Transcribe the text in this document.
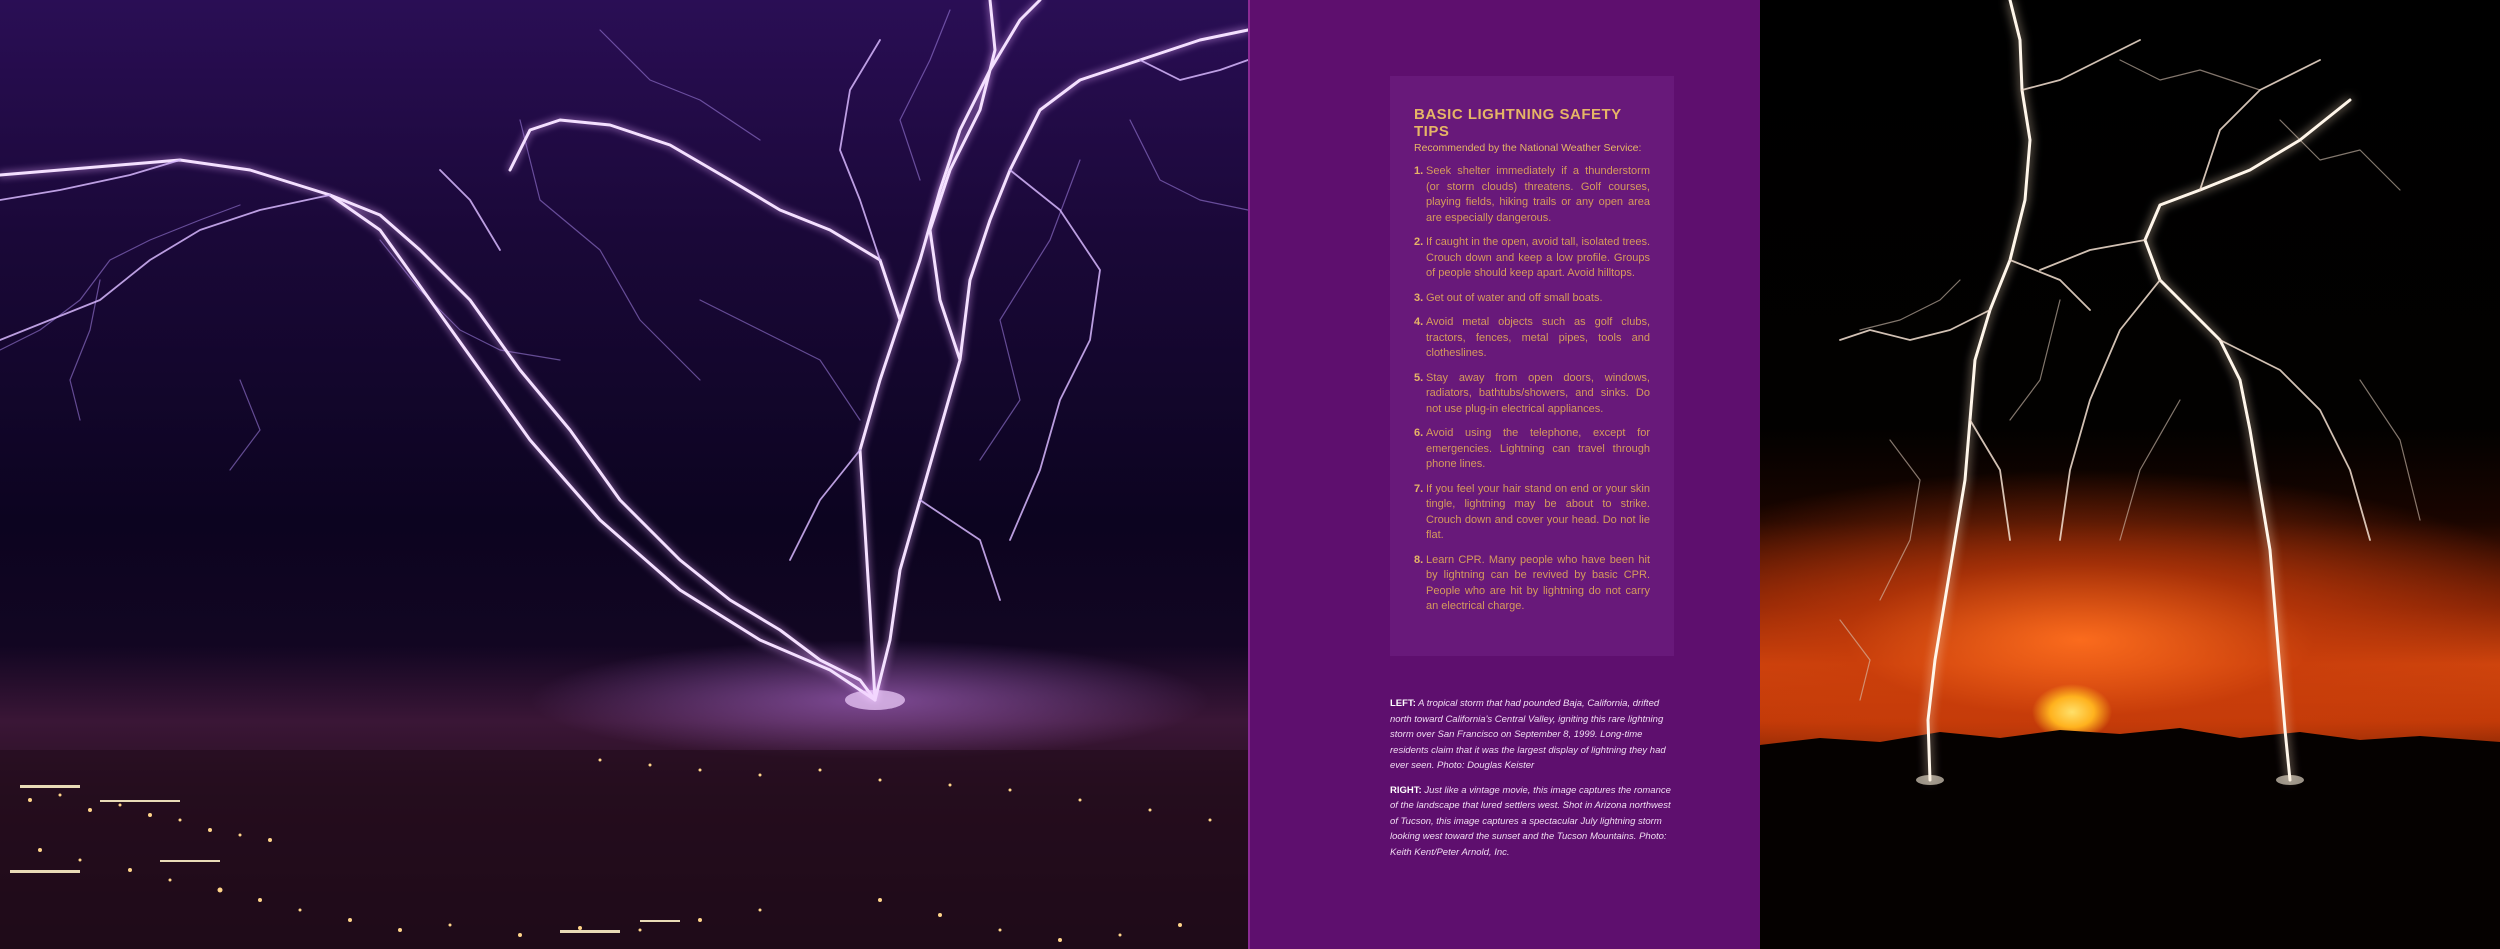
BASIC LIGHTNING SAFETY TIPS
Recommended by the National Weather Service:
1. Seek shelter immediately if a thunderstorm (or storm clouds) threatens. Golf courses, playing fields, hiking trails or any open area are especially dangerous.
2. If caught in the open, avoid tall, isolated trees. Crouch down and keep a low profile. Groups of people should keep apart. Avoid hilltops.
3. Get out of water and off small boats.
4. Avoid metal objects such as golf clubs, tractors, fences, metal pipes, tools and clotheslines.
5. Stay away from open doors, windows, radiators, bathtubs/showers, and sinks. Do not use plug-in electrical appliances.
6. Avoid using the telephone, except for emergencies. Lightning can travel through phone lines.
7. If you feel your hair stand on end or your skin tingle, lightning may be about to strike. Crouch down and cover your head. Do not lie flat.
8. Learn CPR. Many people who have been hit by lightning can be revived by basic CPR. People who are hit by lightning do not carry an electrical charge.

LEFT: A tropical storm that had pounded Baja, California, drifted north toward California's Central Valley, igniting this rare lightning storm over San Francisco on September 8, 1999. Long-time residents claim that it was the largest display of lightning they had ever seen. Photo: Douglas Keister

RIGHT: Just like a vintage movie, this image captures the romance of the landscape that lured settlers west. Shot in Arizona northwest of Tucson, this image captures a spectacular July lightning storm looking west toward the sunset and the Tucson Mountains. Photo: Keith Kent/Peter Arnold, Inc.
